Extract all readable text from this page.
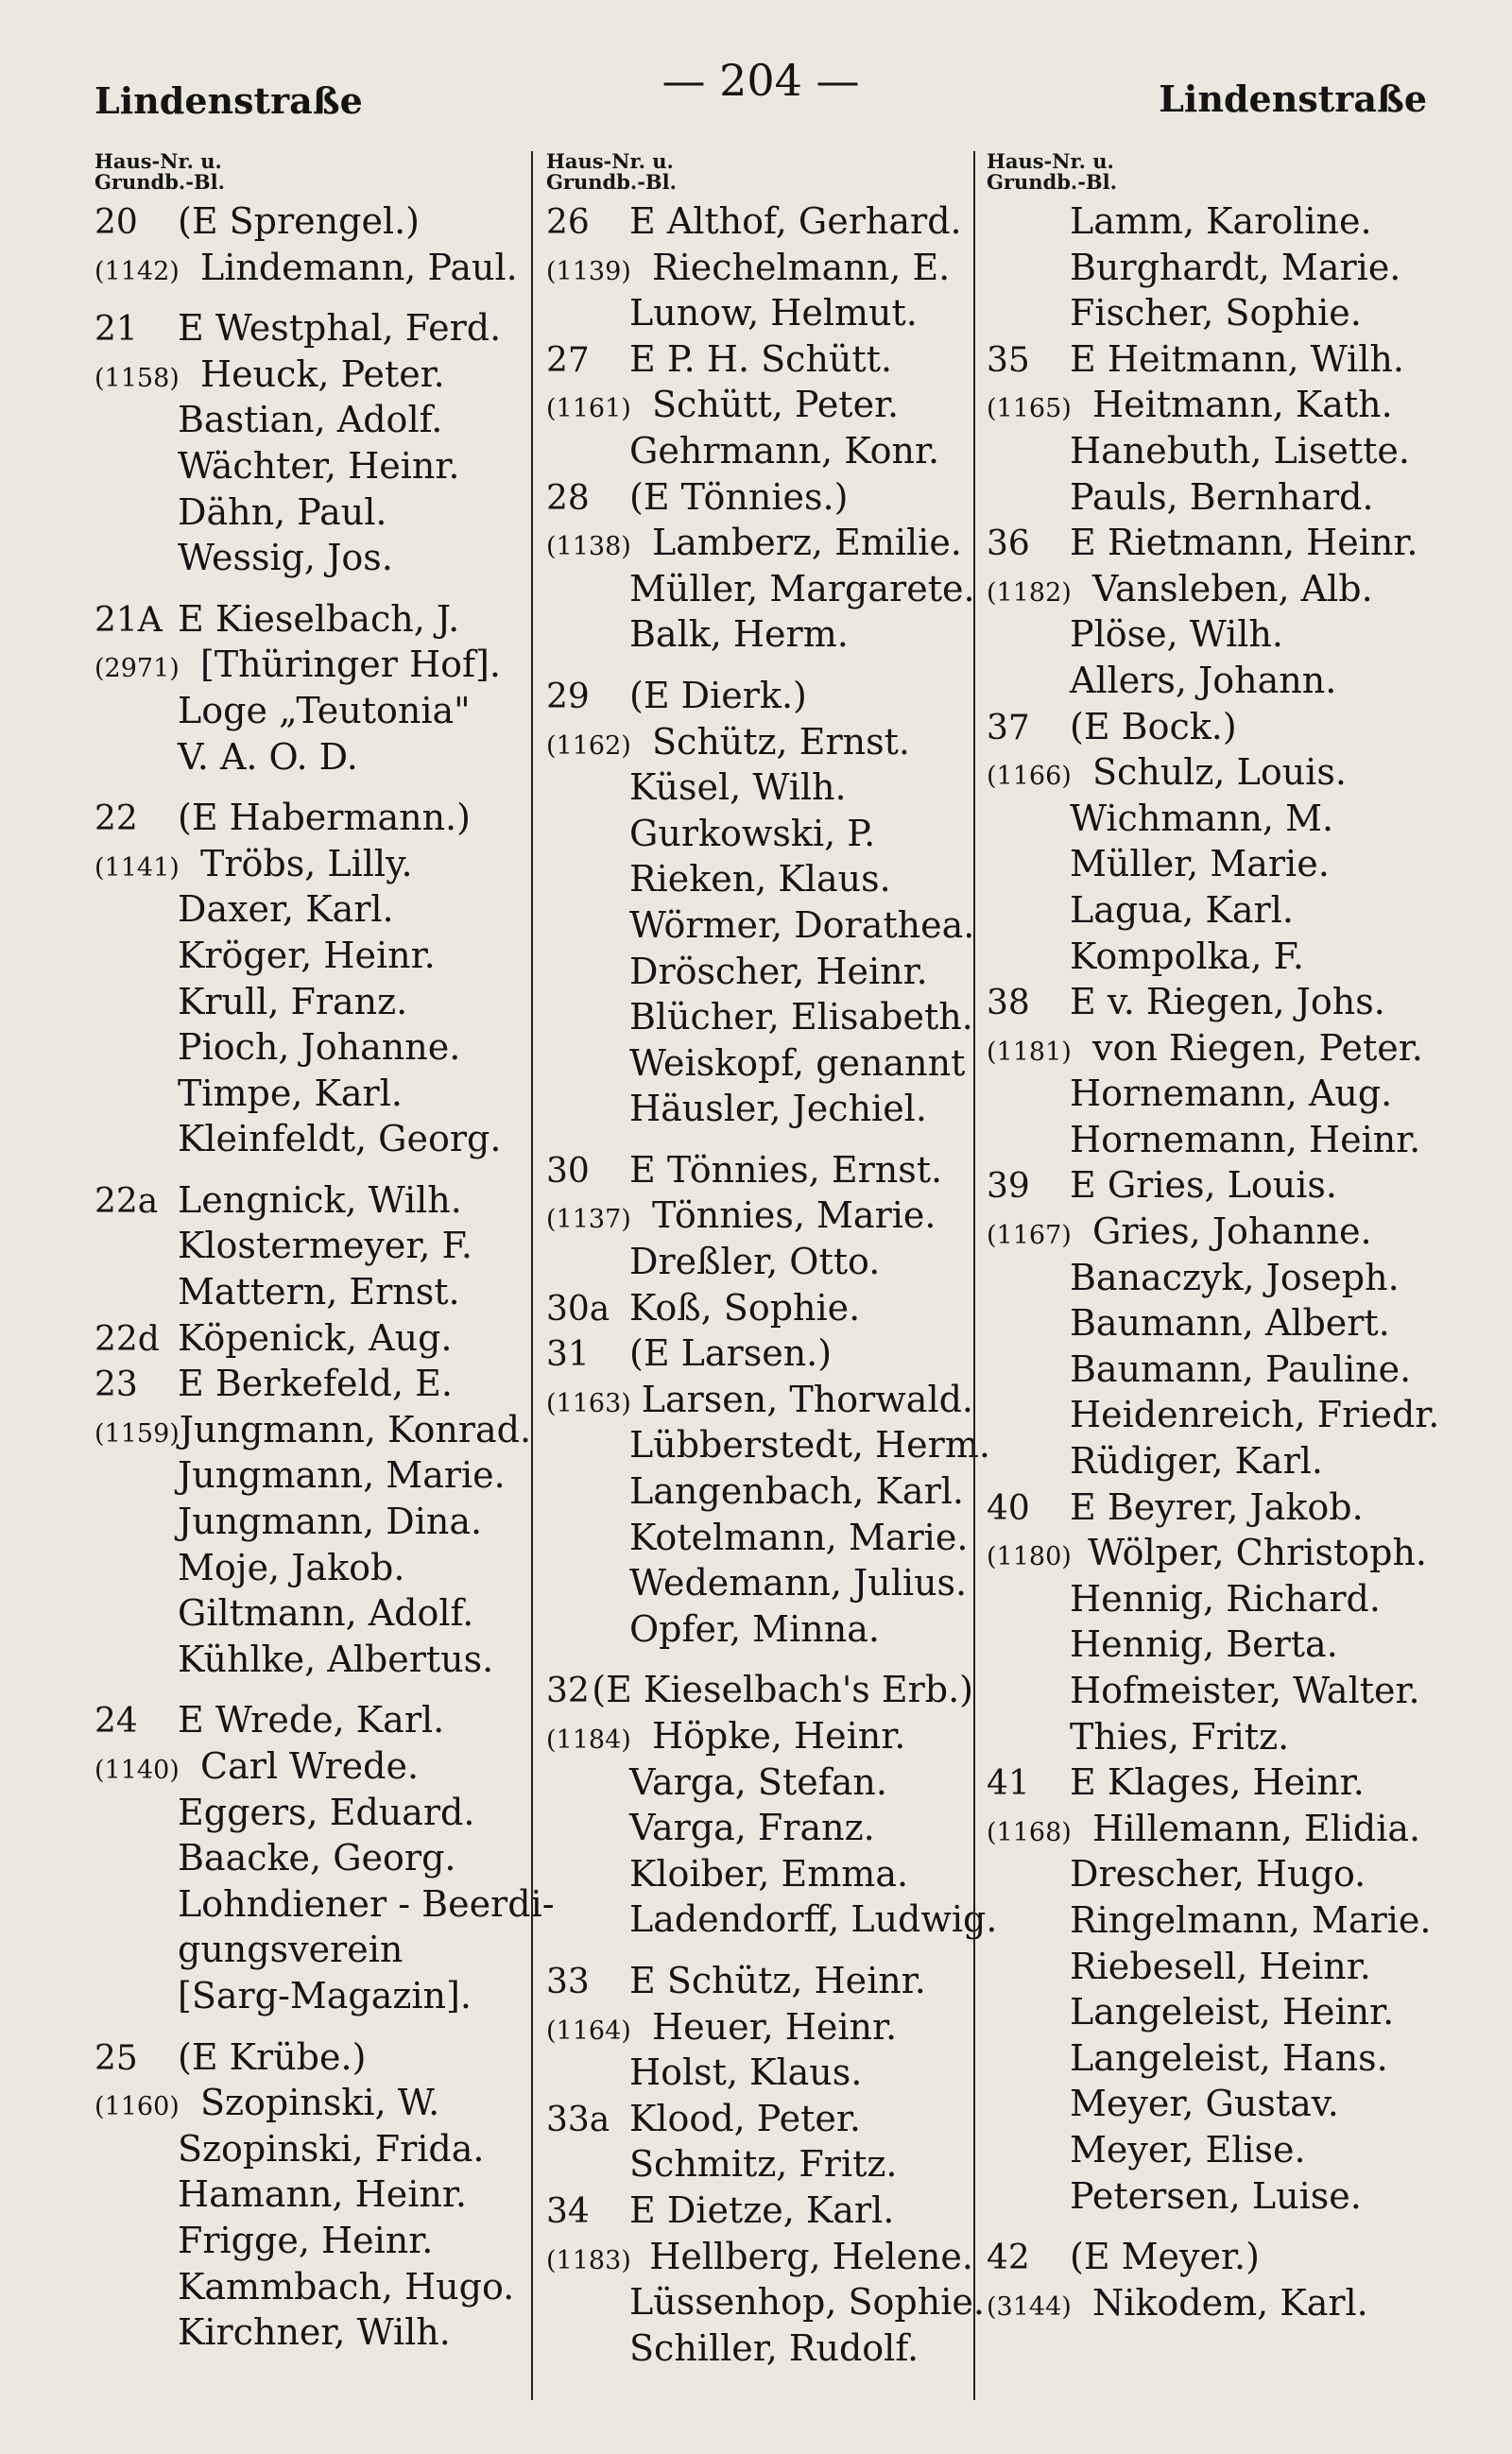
Lindenstraße	— 204 —	Lindenstraße
Haus-Nr. u.
Grundb.-Bl.
20	(E Sprengel.)
(1142) Lindemann, Paul.
21	E Westphal, Ferd.
(1158) Heuck, Peter.
Bastian, Adolf.
Wächter, Heinr.
Dähn, Paul.
Wessig, Jos.
21A E Kieselbach, J.
(2971) [Thüringer Hof].
Loge „Teutonia"
V. A. O. D.
22	(E Habermann.)
(1141) Tröbs, Lilly.
Daxer, Karl.
Kröger, Heinr.
Krull, Franz.
Pioch, Johanne.
Timpe, Karl.
Kleinfeldt, Georg.
22a Lengnick, Wilh.
Klostermeyer, F.
Mattern, Ernst.
22d Köpenick, Aug.
23	E Berkefeld, E.
(1159) Jungmann, Konrad.
Jungmann, Marie.
Jungmann, Dina.
Moje, Jakob.
Giltmann, Adolf.
Kühlke, Albertus.
24	E Wrede, Karl.
(1140) Carl Wrede.
Eggers, Eduard.
Baacke, Georg.
Lohndiener - Beerdi-
gungsverein
[Sarg-Magazin].
25	(E Krübe.)
(1160) Szopinski, W.
Szopinski, Frida.
Hamann, Heinr.
Frigge, Heinr.
Kammbach, Hugo.
Kirchner, Wilh.
Haus-Nr. u.
Grundb.-Bl.
26	E Althof, Gerhard.
(1139) Riechelmann, E.
Lunow, Helmut.
27	E P. H. Schütt.
(1161) Schütt, Peter.
Gehrmann, Konr.
28	(E Tönnies.)
(1138) Lamberz, Emilie.
Müller, Margarete.
Balk, Herm.
29	(E Dierk.)
(1162) Schütz, Ernst.
Küsel, Wilh.
Gurkowski, P.
Rieken, Klaus.
Wörmer, Dorathea.
Dröscher, Heinr.
Blücher, Elisabeth.
Weiskopf, genannt
Häusler, Jechiel.
30	E Tönnies, Ernst.
(1137) Tönnies, Marie.
Dreßler, Otto.
30a Koß, Sophie.
31	(E Larsen.)
(1163) Larsen, Thorwald.
Lübberstedt, Herm.
Langenbach, Karl.
Kotelmann, Marie.
Wedemann, Julius.
Opfer, Minna.
32 (E Kieselbach's Erb.)
(1184) Höpke, Heinr.
Varga, Stefan.
Varga, Franz.
Kloiber, Emma.
Ladendorff, Ludwig.
33	E Schütz, Heinr.
(1164) Heuer, Heinr.
Holst, Klaus.
33a Klood, Peter.
Schmitz, Fritz.
34	E Dietze, Karl.
(1183) Hellberg, Helene.
Lüssenhop, Sophie.
Schiller, Rudolf.
Haus-Nr. u.
Grundb.-Bl.
Lamm, Karoline.
Burghardt, Marie.
Fischer, Sophie.
35	E Heitmann, Wilh.
(1165) Heitmann, Kath.
Hanebuth, Lisette.
Pauls, Bernhard.
36	E Rietmann, Heinr.
(1182) Vansleben, Alb.
Plöse, Wilh.
Allers, Johann.
37	(E Bock.)
(1166) Schulz, Louis.
Wichmann, M.
Müller, Marie.
Lagua, Karl.
Kompolka, F.
38	E v. Riegen, Johs.
(1181) von Riegen, Peter.
Hornemann, Aug.
Hornemann, Heinr.
39	E Gries, Louis.
(1167) Gries, Johanne.
Banaczyk, Joseph.
Baumann, Albert.
Baumann, Pauline.
Heidenreich, Friedr.
Rüdiger, Karl.
40	E Beyrer, Jakob.
(1180) Wölper, Christoph.
Hennig, Richard.
Hennig, Berta.
Hofmeister, Walter.
Thies, Fritz.
41	E Klages, Heinr.
(1168) Hillemann, Elidia.
Drescher, Hugo.
Ringelmann, Marie.
Riebesell, Heinr.
Langeleist, Heinr.
Langeleist, Hans.
Meyer, Gustav.
Meyer, Elise.
Petersen, Luise.
42	(E Meyer.)
(3144) Nikodem, Karl.
